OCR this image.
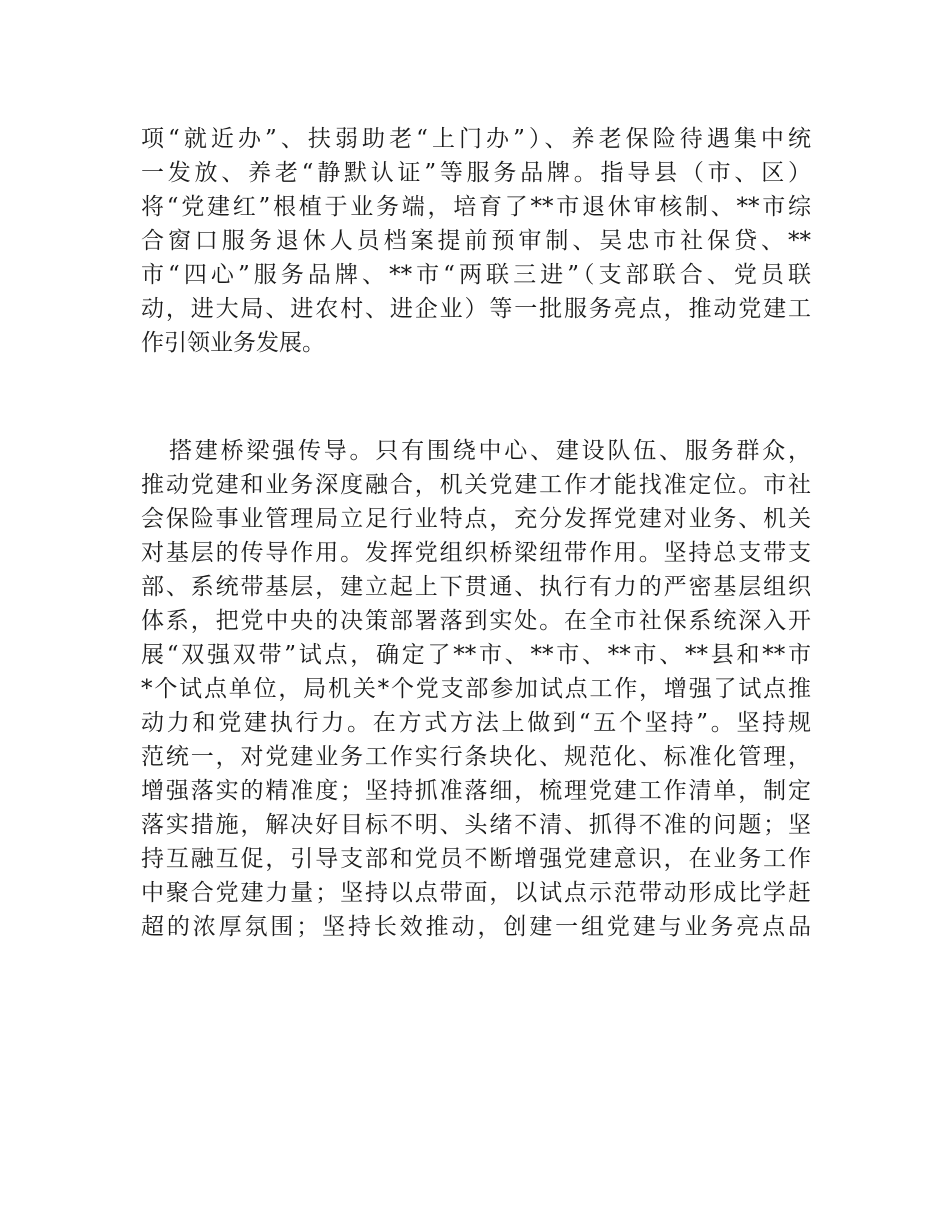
项“就近办”、扶弱助老“上门办”）、养老保险待遇集中统
一发放、养老“静默认证”等服务品牌。指导县（市、区）
将“党建红”根植于业务端，培育了**市退休审核制、**市综
合窗口服务退休人员档案提前预审制、吴忠市社保贷、**
市“四心”服务品牌、**市“两联三进”（支部联合、党员联
动，进大局、进农村、进企业）等一批服务亮点，推动党建工
作引领业务发展。
搭建桥梁强传导。只有围绕中心、建设队伍、服务群众，
推动党建和业务深度融合，机关党建工作才能找准定位。市社
会保险事业管理局立足行业特点，充分发挥党建对业务、机关
对基层的传导作用。发挥党组织桥梁纽带作用。坚持总支带支
部、系统带基层，建立起上下贯通、执行有力的严密基层组织
体系，把党中央的决策部署落到实处。在全市社保系统深入开
展“双强双带”试点，确定了**市、**市、**市、**县和**市
*个试点单位，局机关*个党支部参加试点工作，增强了试点推
动力和党建执行力。在方式方法上做到“五个坚持”。坚持规
范统一，对党建业务工作实行条块化、规范化、标准化管理，
增强落实的精准度；坚持抓准落细，梳理党建工作清单，制定
落实措施，解决好目标不明、头绪不清、抓得不准的问题；坚
持互融互促，引导支部和党员不断增强党建意识，在业务工作
中聚合党建力量；坚持以点带面，以试点示范带动形成比学赶
超的浓厚氛围；坚持长效推动，创建一组党建与业务亮点品
